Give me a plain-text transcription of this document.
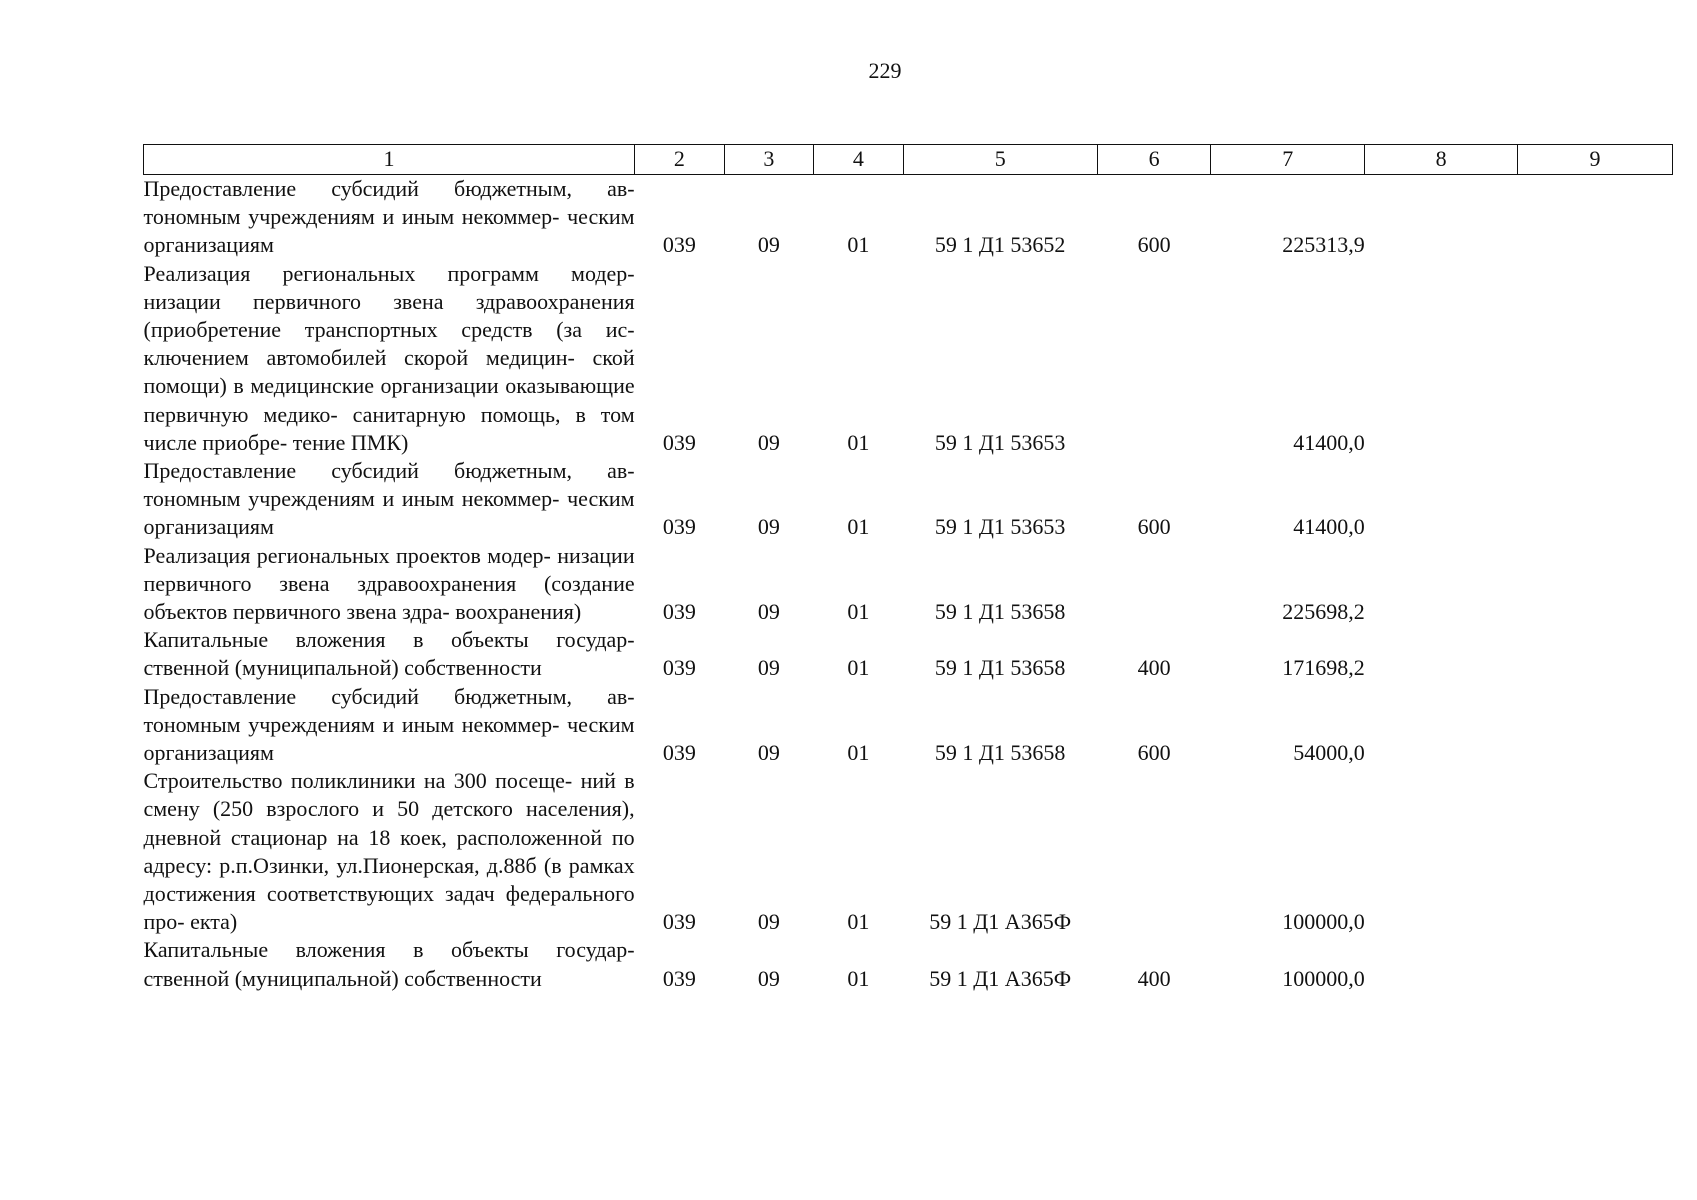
229
1	2	3	4	5	6	7	8	9
Предоставление субсидий бюджетным, ав- тономным учреждениям и иным некоммер- ческим организациям	039	09	01	59 1 Д1 53652	600	225313,9		
Реализация региональных программ модер- низации первичного звена здравоохранения (приобретение транспортных средств (за ис- ключением автомобилей скорой медицин- ской помощи) в медицинские организации оказывающие первичную медико- санитарную помощь, в том числе приобре- тение ПМК)	039	09	01	59 1 Д1 53653		41400,0		
Предоставление субсидий бюджетным, ав- тономным учреждениям и иным некоммер- ческим организациям	039	09	01	59 1 Д1 53653	600	41400,0		
Реализация региональных проектов модер- низации первичного звена здравоохранения (создание объектов первичного звена здра- воохранения)	039	09	01	59 1 Д1 53658		225698,2		
Капитальные вложения в объекты государ- ственной (муниципальной) собственности	039	09	01	59 1 Д1 53658	400	171698,2		
Предоставление субсидий бюджетным, ав- тономным учреждениям и иным некоммер- ческим организациям	039	09	01	59 1 Д1 53658	600	54000,0		
Строительство поликлиники на 300 посеще- ний в смену (250 взрослого и 50 детского населения), дневной стационар на 18 коек, расположенной по адресу: р.п.Озинки, ул.Пионерская, д.88б (в рамках достижения соответствующих задач федерального про- екта)	039	09	01	59 1 Д1 А365Ф		100000,0		
Капитальные вложения в объекты государ- ственной (муниципальной) собственности	039	09	01	59 1 Д1 А365Ф	400	100000,0		
